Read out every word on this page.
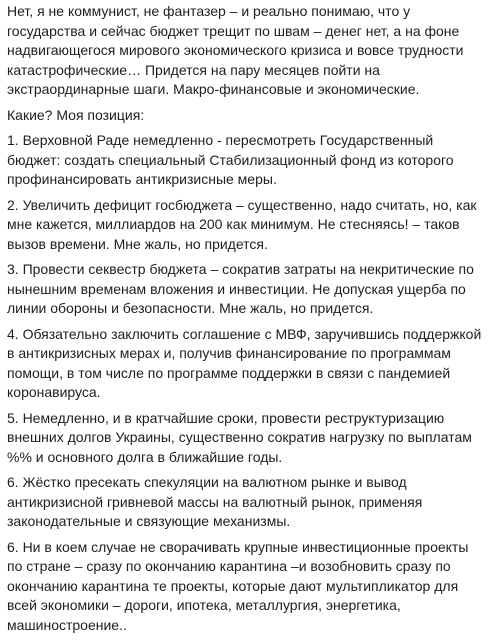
Нет, я не коммунист, не фантазер – и реально понимаю, что у
государства и сейчас бюджет трещит по швам – денег нет, а на фоне
надвигающегося мирового экономического кризиса и вовсе трудности
катастрофические… Придется на пару месяцев пойти на
экстраординарные шаги. Макро-финансовые и экономические.

Какие? Моя позиция:

1. Верховной Раде немедленно - пересмотреть Государственный
бюджет: создать специальный Стабилизационный фонд из которого
профинансировать антикризисные меры.

2. Увеличить дефицит госбюджета – существенно, надо считать, но, как
мне кажется, миллиардов на 200 как минимум. Не стесняясь! – таков
вызов времени. Мне жаль, но придется.

3. Провести секвестр бюджета – сократив затраты на некритические по
нынешним временам вложения и инвестиции. Не допуская ущерба по
линии обороны и безопасности. Мне жаль, но придется.

4. Обязательно заключить соглашение с МВФ, заручившись поддержкой
в антикризисных мерах и, получив финансирование по программам
помощи, в том числе по программе поддержки в связи с пандемией
коронавируса.

5. Немедленно, и в кратчайшие сроки, провести реструктуризацию
внешних долгов Украины, существенно сократив нагрузку по выплатам
%% и основного долга в ближайшие годы.

6. Жёстко пресекать спекуляции на валютном рынке и вывод
антикризисной гривневой массы на валютный рынок, применяя
законодательные и связующие механизмы.

6. Ни в коем случае не сворачивать крупные инвестиционные проекты
по стране – сразу по окончанию карантина –и возобновить сразу по
окончанию карантина те проекты, которые дают мультипликатор для
всей экономики – дороги, ипотека, металлургия, энергетика,
машиностроение..
